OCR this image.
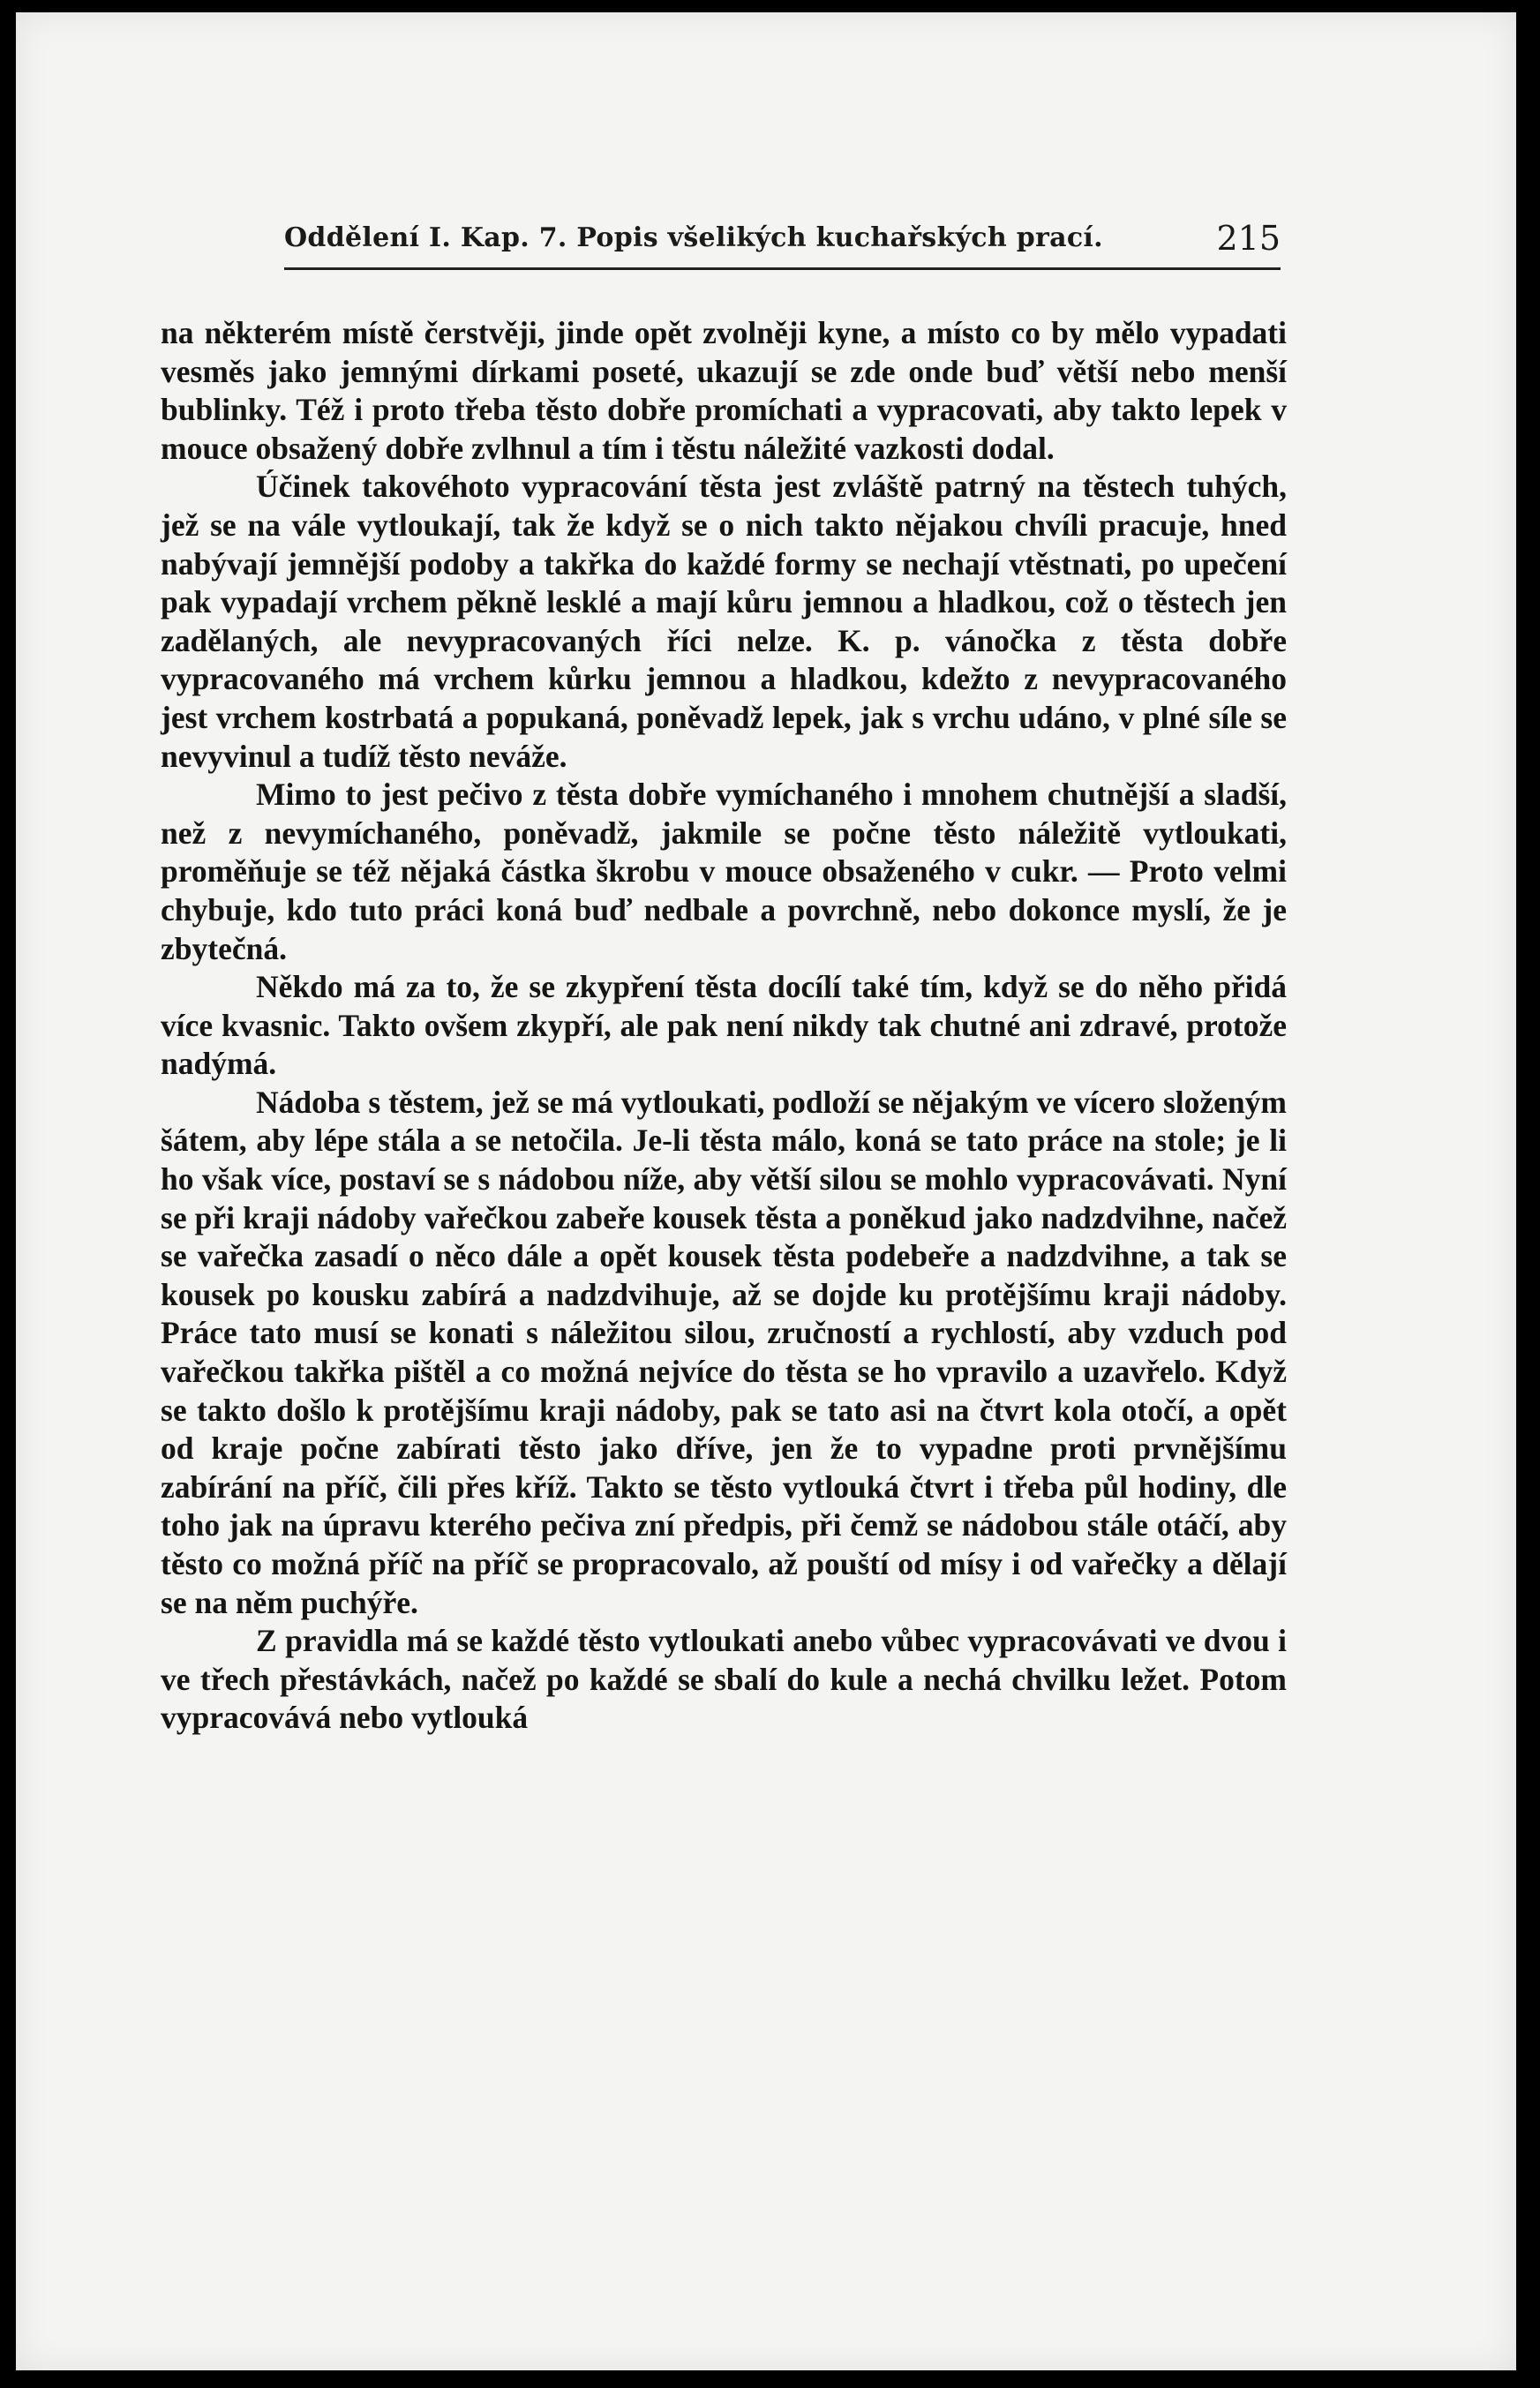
Oddělení I. Kap. 7. Popis všelikých kuchařských prací.	215

na některém místě čerstvěji, jinde opět zvolněji kyne, a místo co by mělo vypadati vesměs jako jemnými dírkami poseté, ukazují se zde onde buď větší nebo menší bublinky. Též i proto třeba těsto dobře promíchati a vypracovati, aby takto lepek v mouce obsažený dobře zvlhnul a tím i těstu náležité vazkosti dodal.

Účinek takovéhoto vypracování těsta jest zvláště patrný na těstech tuhých, jež se na vále vytloukají, tak že když se o nich takto nějakou chvíli pracuje, hned nabývají jemnější podoby a takřka do každé formy se nechají vtěstnati, po upečení pak vypadají vrchem pěkně lesklé a mají kůru jemnou a hladkou, což o těstech jen zadělaných, ale nevypracovaných říci nelze. K. p. vánočka z těsta dobře vypracovaného má vrchem kůrku jemnou a hladkou, kdežto z nevypracovaného jest vrchem kostrbatá a popukaná, poněvadž lepek, jak s vrchu udáno, v plné síle se nevyvinul a tudíž těsto neváže.

Mimo to jest pečivo z těsta dobře vymíchaného i mnohem chutnější a sladší, než z nevymíchaného, poněvadž, jakmile se počne těsto náležitě vytloukati, proměňuje se též nějaká částka škrobu v mouce obsaženého v cukr. — Proto velmi chybuje, kdo tuto práci koná buď nedbale a povrchně, nebo dokonce myslí, že je zbytečná.

Někdo má za to, že se zkypření těsta docílí také tím, když se do něho přidá více kvasnic. Takto ovšem zkypří, ale pak není nikdy tak chutné ani zdravé, protože nadýmá.

Nádoba s těstem, jež se má vytloukati, podloží se nějakým ve vícero složeným šátem, aby lépe stála a se netočila. Je-li těsta málo, koná se tato práce na stole; je li ho však více, postaví se s nádobou níže, aby větší silou se mohlo vypracovávati. Nyní se při kraji nádoby vařečkou zabeře kousek těsta a poněkud jako nadzdvihne, načež se vařečka zasadí o něco dále a opět kousek těsta podebeře a nadzdvihne, a tak se kousek po kousku zabírá a nadzdvihuje, až se dojde ku protějšímu kraji nádoby. Práce tato musí se konati s náležitou silou, zručností a rychlostí, aby vzduch pod vařečkou takřka pištěl a co možná nejvíce do těsta se ho vpravilo a uzavřelo. Když se takto došlo k protějšímu kraji nádoby, pak se tato asi na čtvrt kola otočí, a opět od kraje počne zabírati těsto jako dříve, jen že to vypadne proti prvnějšímu zabírání na příč, čili přes kříž. Takto se těsto vytlouká čtvrt i třeba půl hodiny, dle toho jak na úpravu kterého pečiva zní předpis, při čemž se nádobou stále otáčí, aby těsto co možná příč na příč se propracovalo, až pouští od mísy i od vařečky a dělají se na něm puchýře.

Z pravidla má se každé těsto vytloukati anebo vůbec vypracovávati ve dvou i ve třech přestávkách, načež po každé se sbalí do kule a nechá chvilku ležet. Potom vypracovává nebo vytlouká
